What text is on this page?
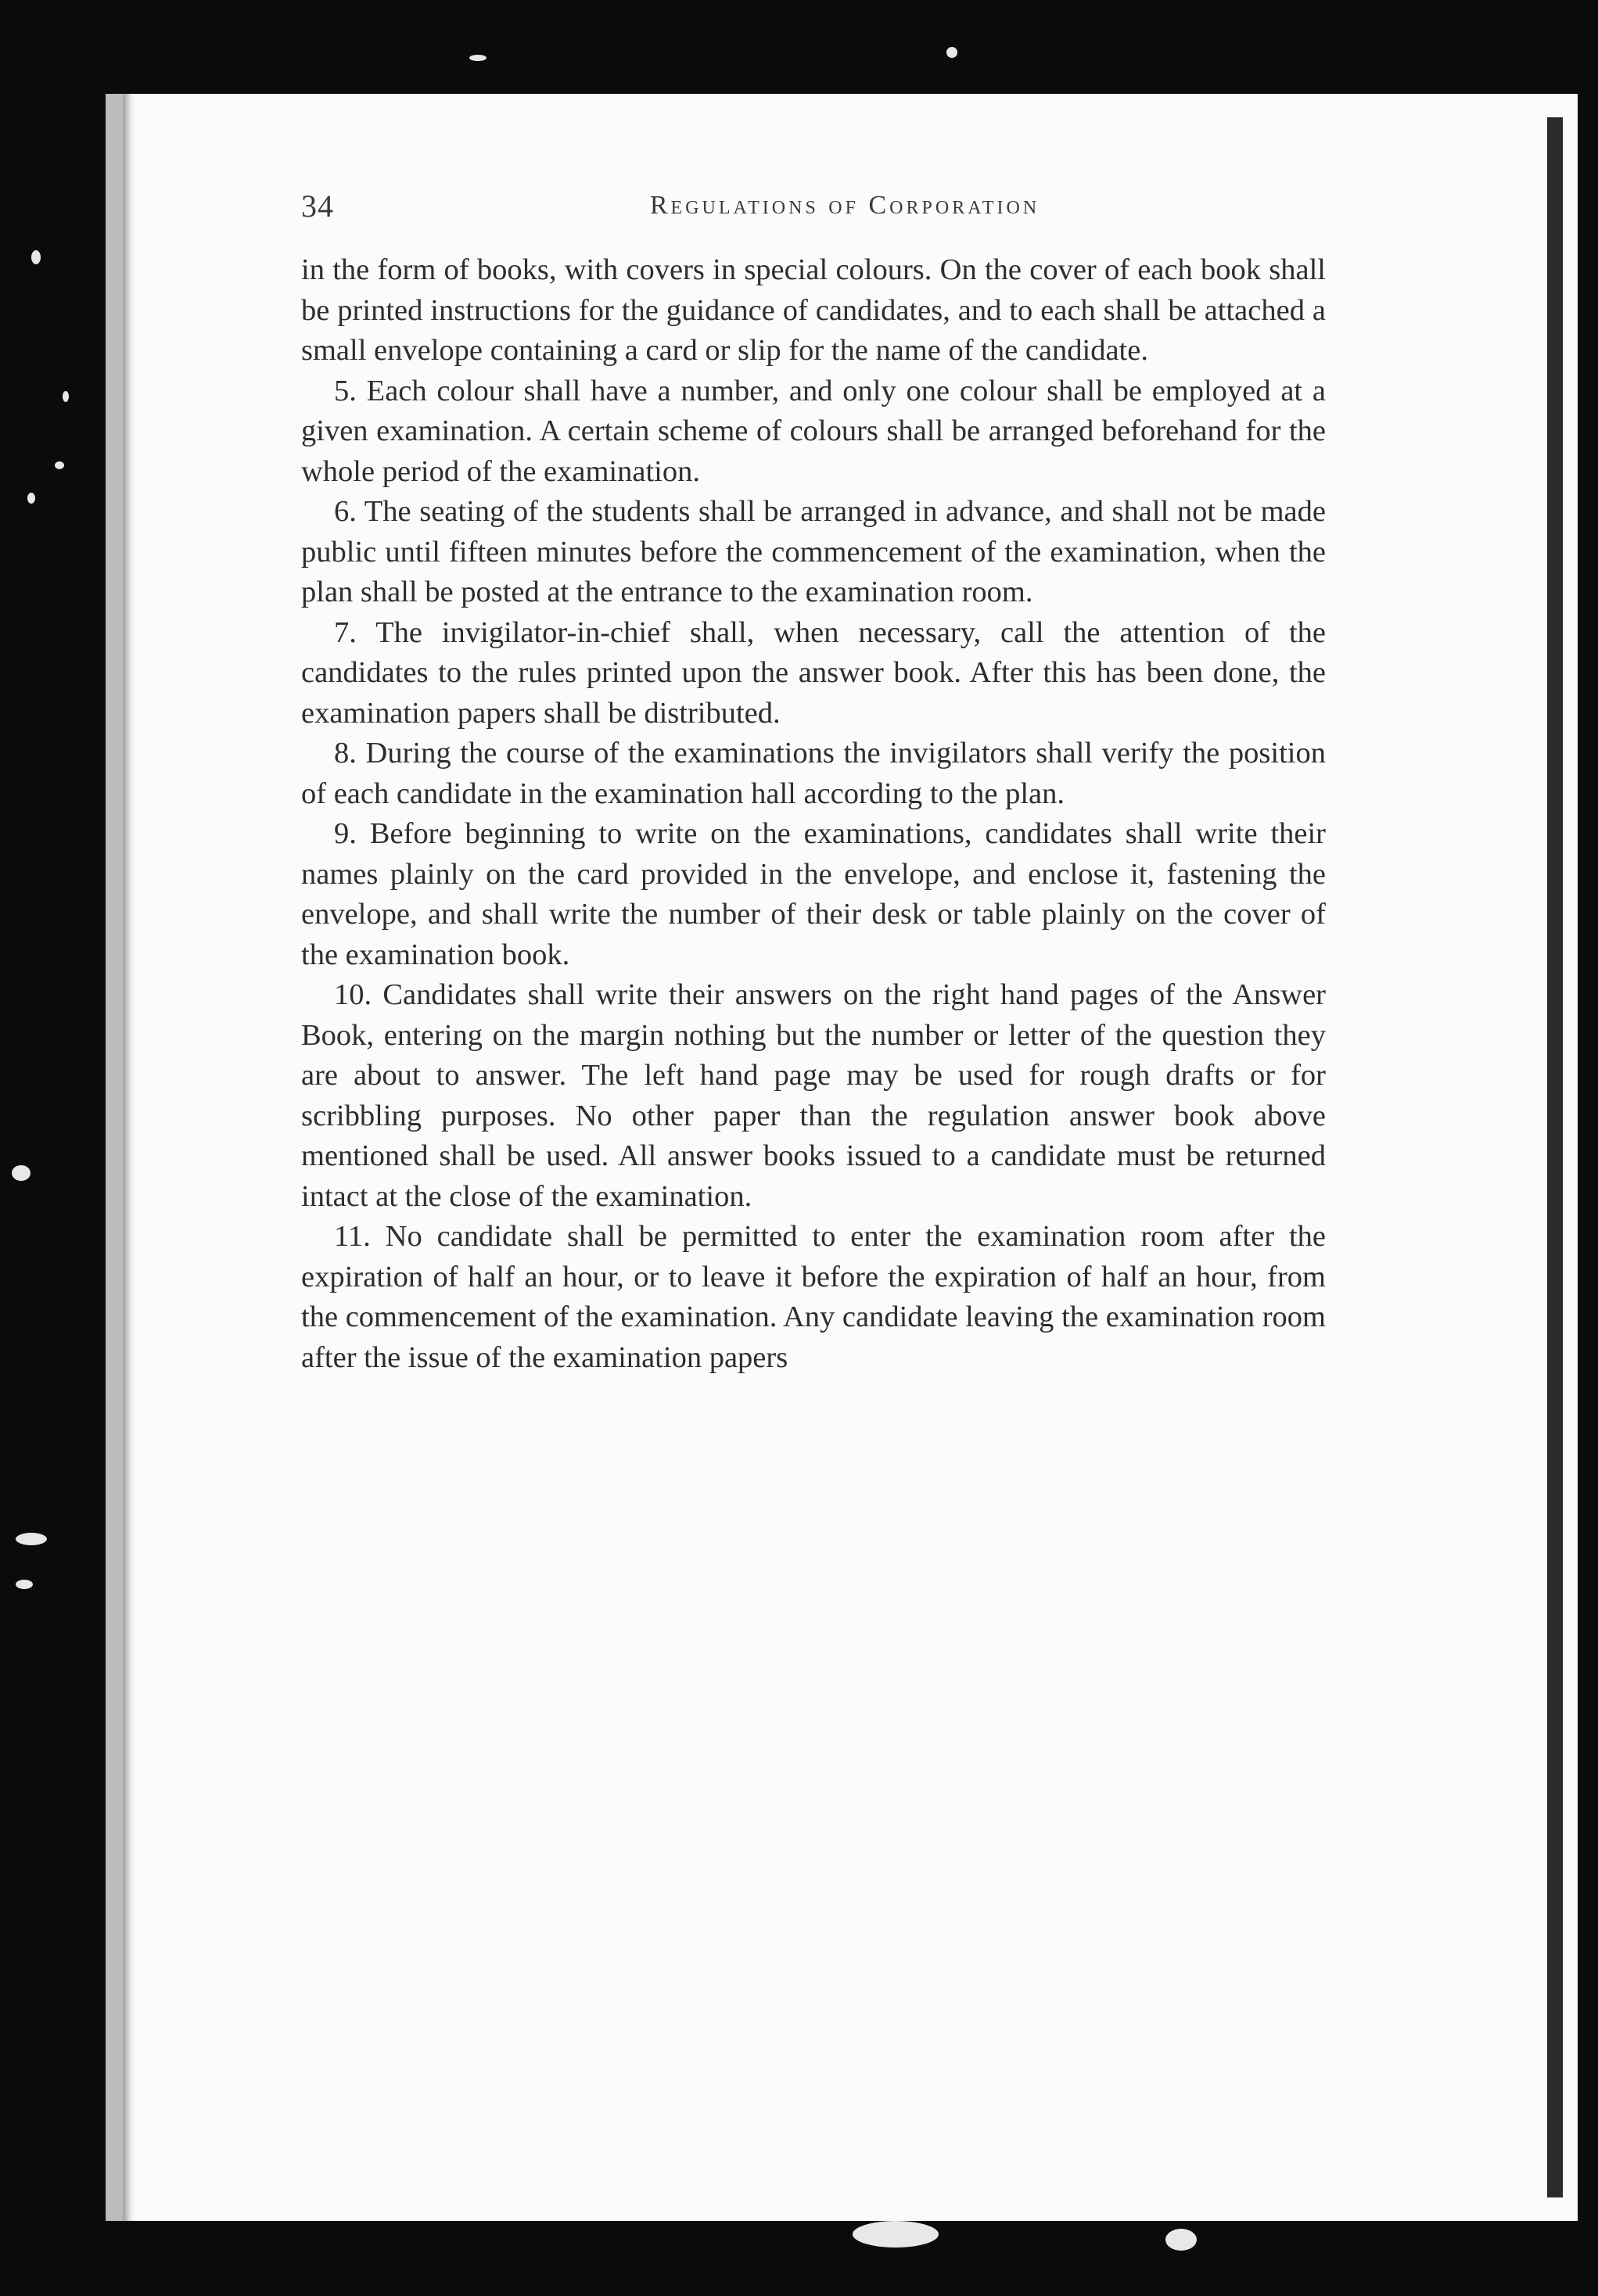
34	Regulations of Corporation

in the form of books, with covers in special colours. On the cover of each book shall be printed instructions for the guidance of candidates, and to each shall be attached a small envelope containing a card or slip for the name of the candidate.

5. Each colour shall have a number, and only one colour shall be employed at a given examination. A certain scheme of colours shall be arranged beforehand for the whole period of the examination.

6. The seating of the students shall be arranged in advance, and shall not be made public until fifteen minutes before the commencement of the examination, when the plan shall be posted at the entrance to the examination room.

7. The invigilator-in-chief shall, when necessary, call the attention of the candidates to the rules printed upon the answer book. After this has been done, the examination papers shall be distributed.

8. During the course of the examinations the invigilators shall verify the position of each candidate in the examination hall according to the plan.

9. Before beginning to write on the examinations, candidates shall write their names plainly on the card provided in the envelope, and enclose it, fastening the envelope, and shall write the number of their desk or table plainly on the cover of the examination book.

10. Candidates shall write their answers on the right hand pages of the Answer Book, entering on the margin nothing but the number or letter of the question they are about to answer. The left hand page may be used for rough drafts or for scribbling purposes. No other paper than the regulation answer book above mentioned shall be used. All answer books issued to a candidate must be returned intact at the close of the examination.

11. No candidate shall be permitted to enter the examination room after the expiration of half an hour, or to leave it before the expiration of half an hour, from the commencement of the examination. Any candidate leaving the examination room after the issue of the examination papers
